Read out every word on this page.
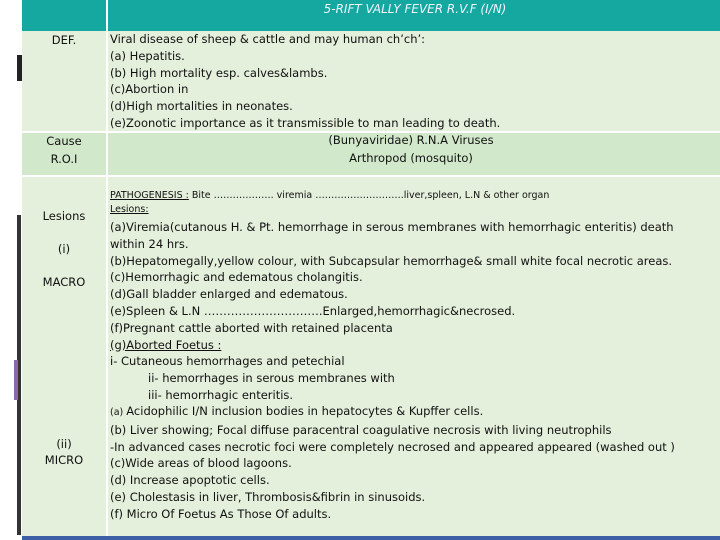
5-RIFT VALLY FEVER R.V.F (I/N)
DEF.
Cause
R.O.I
Lesions
(i)
MACRO
(ii)
MICRO
Viral disease of sheep & cattle and may human ch’ch’:
(a) Hepatitis.
(b) High mortality esp. calves&lambs.
(c)Abortion in
(d)High mortalities in neonates.
(e)Zoonotic importance as it transmissible to man leading to death.
(Bunyaviridae) R.N.A Viruses
Arthropod (mosquito)
PATHOGENESIS : Bite ………………. viremia ……………………….liver,spleen, L.N & other organ
Lesions:
(a)Viremia(cutanous H. & Pt. hemorrhage in serous membranes with hemorrhagic enteritis) death
within 24 hrs.
(b)Hepatomegally,yellow colour, with Subcapsular hemorrhage& small white focal necrotic areas.
(c)Hemorrhagic and edematous cholangitis.
(d)Gall bladder enlarged and edematous.
(e)Spleen & L.N ………………………….Enlarged,hemorrhagic&necrosed.
(f)Pregnant cattle aborted with retained placenta
(g)Aborted Foetus :
i- Cutaneous hemorrhages and petechial
ii- hemorrhages in serous membranes with
iii- hemorrhagic enteritis.
(a) Acidophilic I/N inclusion bodies in hepatocytes & Kupffer cells.
(b) Liver showing; Focal diffuse paracentral coagulative necrosis with living neutrophils
-In advanced cases necrotic foci were completely necrosed and appeared appeared (washed out )
(c)Wide areas of blood lagoons.
(d) Increase apoptotic cells.
(e) Cholestasis in liver, Thrombosis&fibrin in sinusoids.
(f) Micro Of Foetus As Those Of adults.
